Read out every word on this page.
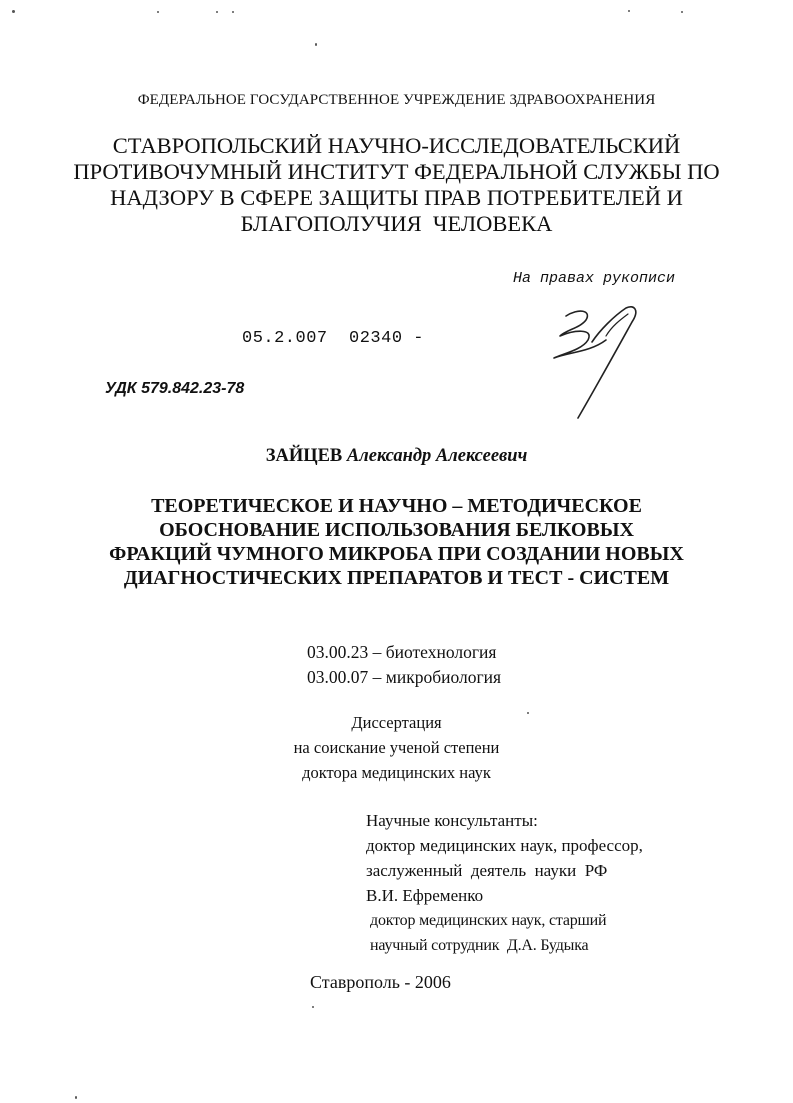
ФЕДЕРАЛЬНОЕ ГОСУДАРСТВЕННОЕ УЧРЕЖДЕНИЕ ЗДРАВООХРАНЕНИЯ
СТАВРОПОЛЬСКИЙ НАУЧНО-ИССЛЕДОВАТЕЛЬСКИЙ
ПРОТИВОЧУМНЫЙ ИНСТИТУТ ФЕДЕРАЛЬНОЙ СЛУЖБЫ ПО
НАДЗОРУ В СФЕРЕ ЗАЩИТЫ ПРАВ ПОТРЕБИТЕЛЕЙ И
БЛАГОПОЛУЧИЯ  ЧЕЛОВЕКА
На правах рукописи
05.2.007  02340 -
УДК 579.842.23-78
ЗАЙЦЕВ Александр Алексеевич
ТЕОРЕТИЧЕСКОЕ И НАУЧНО – МЕТОДИЧЕСКОЕ
ОБОСНОВАНИЕ ИСПОЛЬЗОВАНИЯ БЕЛКОВЫХ
ФРАКЦИЙ ЧУМНОГО МИКРОБА ПРИ СОЗДАНИИ НОВЫХ
ДИАГНОСТИЧЕСКИХ ПРЕПАРАТОВ И ТЕСТ - СИСТЕМ
03.00.23 – биотехнология
03.00.07 – микробиология
Диссертация
на соискание ученой степени
доктора медицинских наук
Научные консультанты:
доктор медицинских наук, профессор,
заслуженный  деятель  науки  РФ
В.И. Ефременко
доктор медицинских наук, старший
научный сотрудник  Д.А. Будыка
Ставрополь - 2006
